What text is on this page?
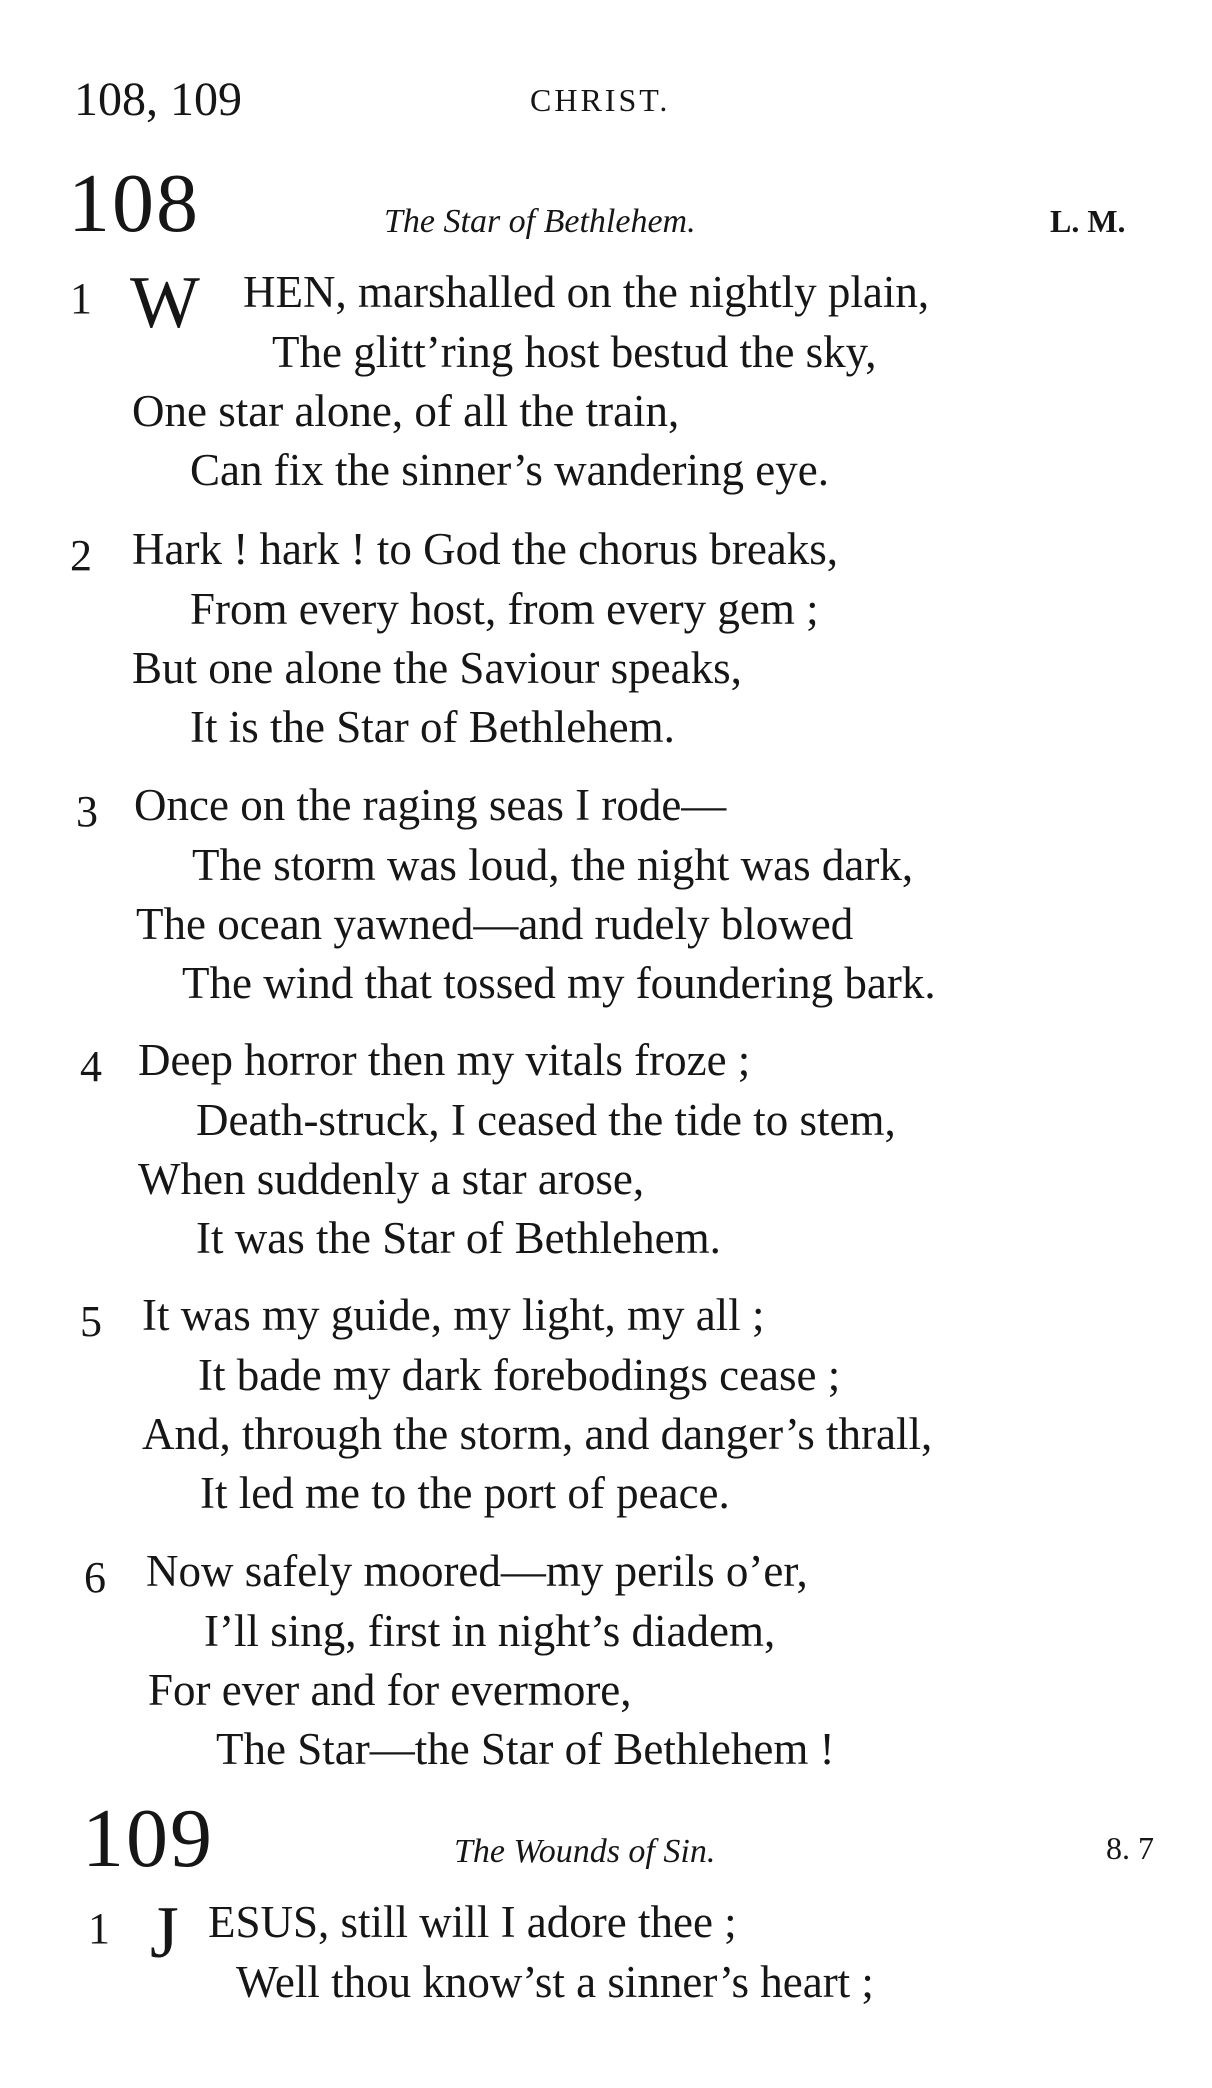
108, 109	CHRIST.
108	The Star of Bethlehem.	L. M.
1 W HEN, marshalled on the nightly plain,
The glitt’ring host bestud the sky,
One star alone, of all the train,
Can fix the sinner’s wandering eye.
2 Hark ! hark ! to God the chorus breaks,
From every host, from every gem ;
But one alone the Saviour speaks,
It is the Star of Bethlehem.
3 Once on the raging seas I rode—
The storm was loud, the night was dark,
The ocean yawned—and rudely blowed
The wind that tossed my foundering bark.
4 Deep horror then my vitals froze ;
Death-struck, I ceased the tide to stem,
When suddenly a star arose,
It was the Star of Bethlehem.
5 It was my guide, my light, my all ;
It bade my dark forebodings cease ;
And, through the storm, and danger’s thrall,
It led me to the port of peace.
6 Now safely moored—my perils o’er,
I’ll sing, first in night’s diadem,
For ever and for evermore,
The Star—the Star of Bethlehem !
109	The Wounds of Sin.	8. 7
1 J ESUS, still will I adore thee ;
Well thou know’st a sinner’s heart ;
